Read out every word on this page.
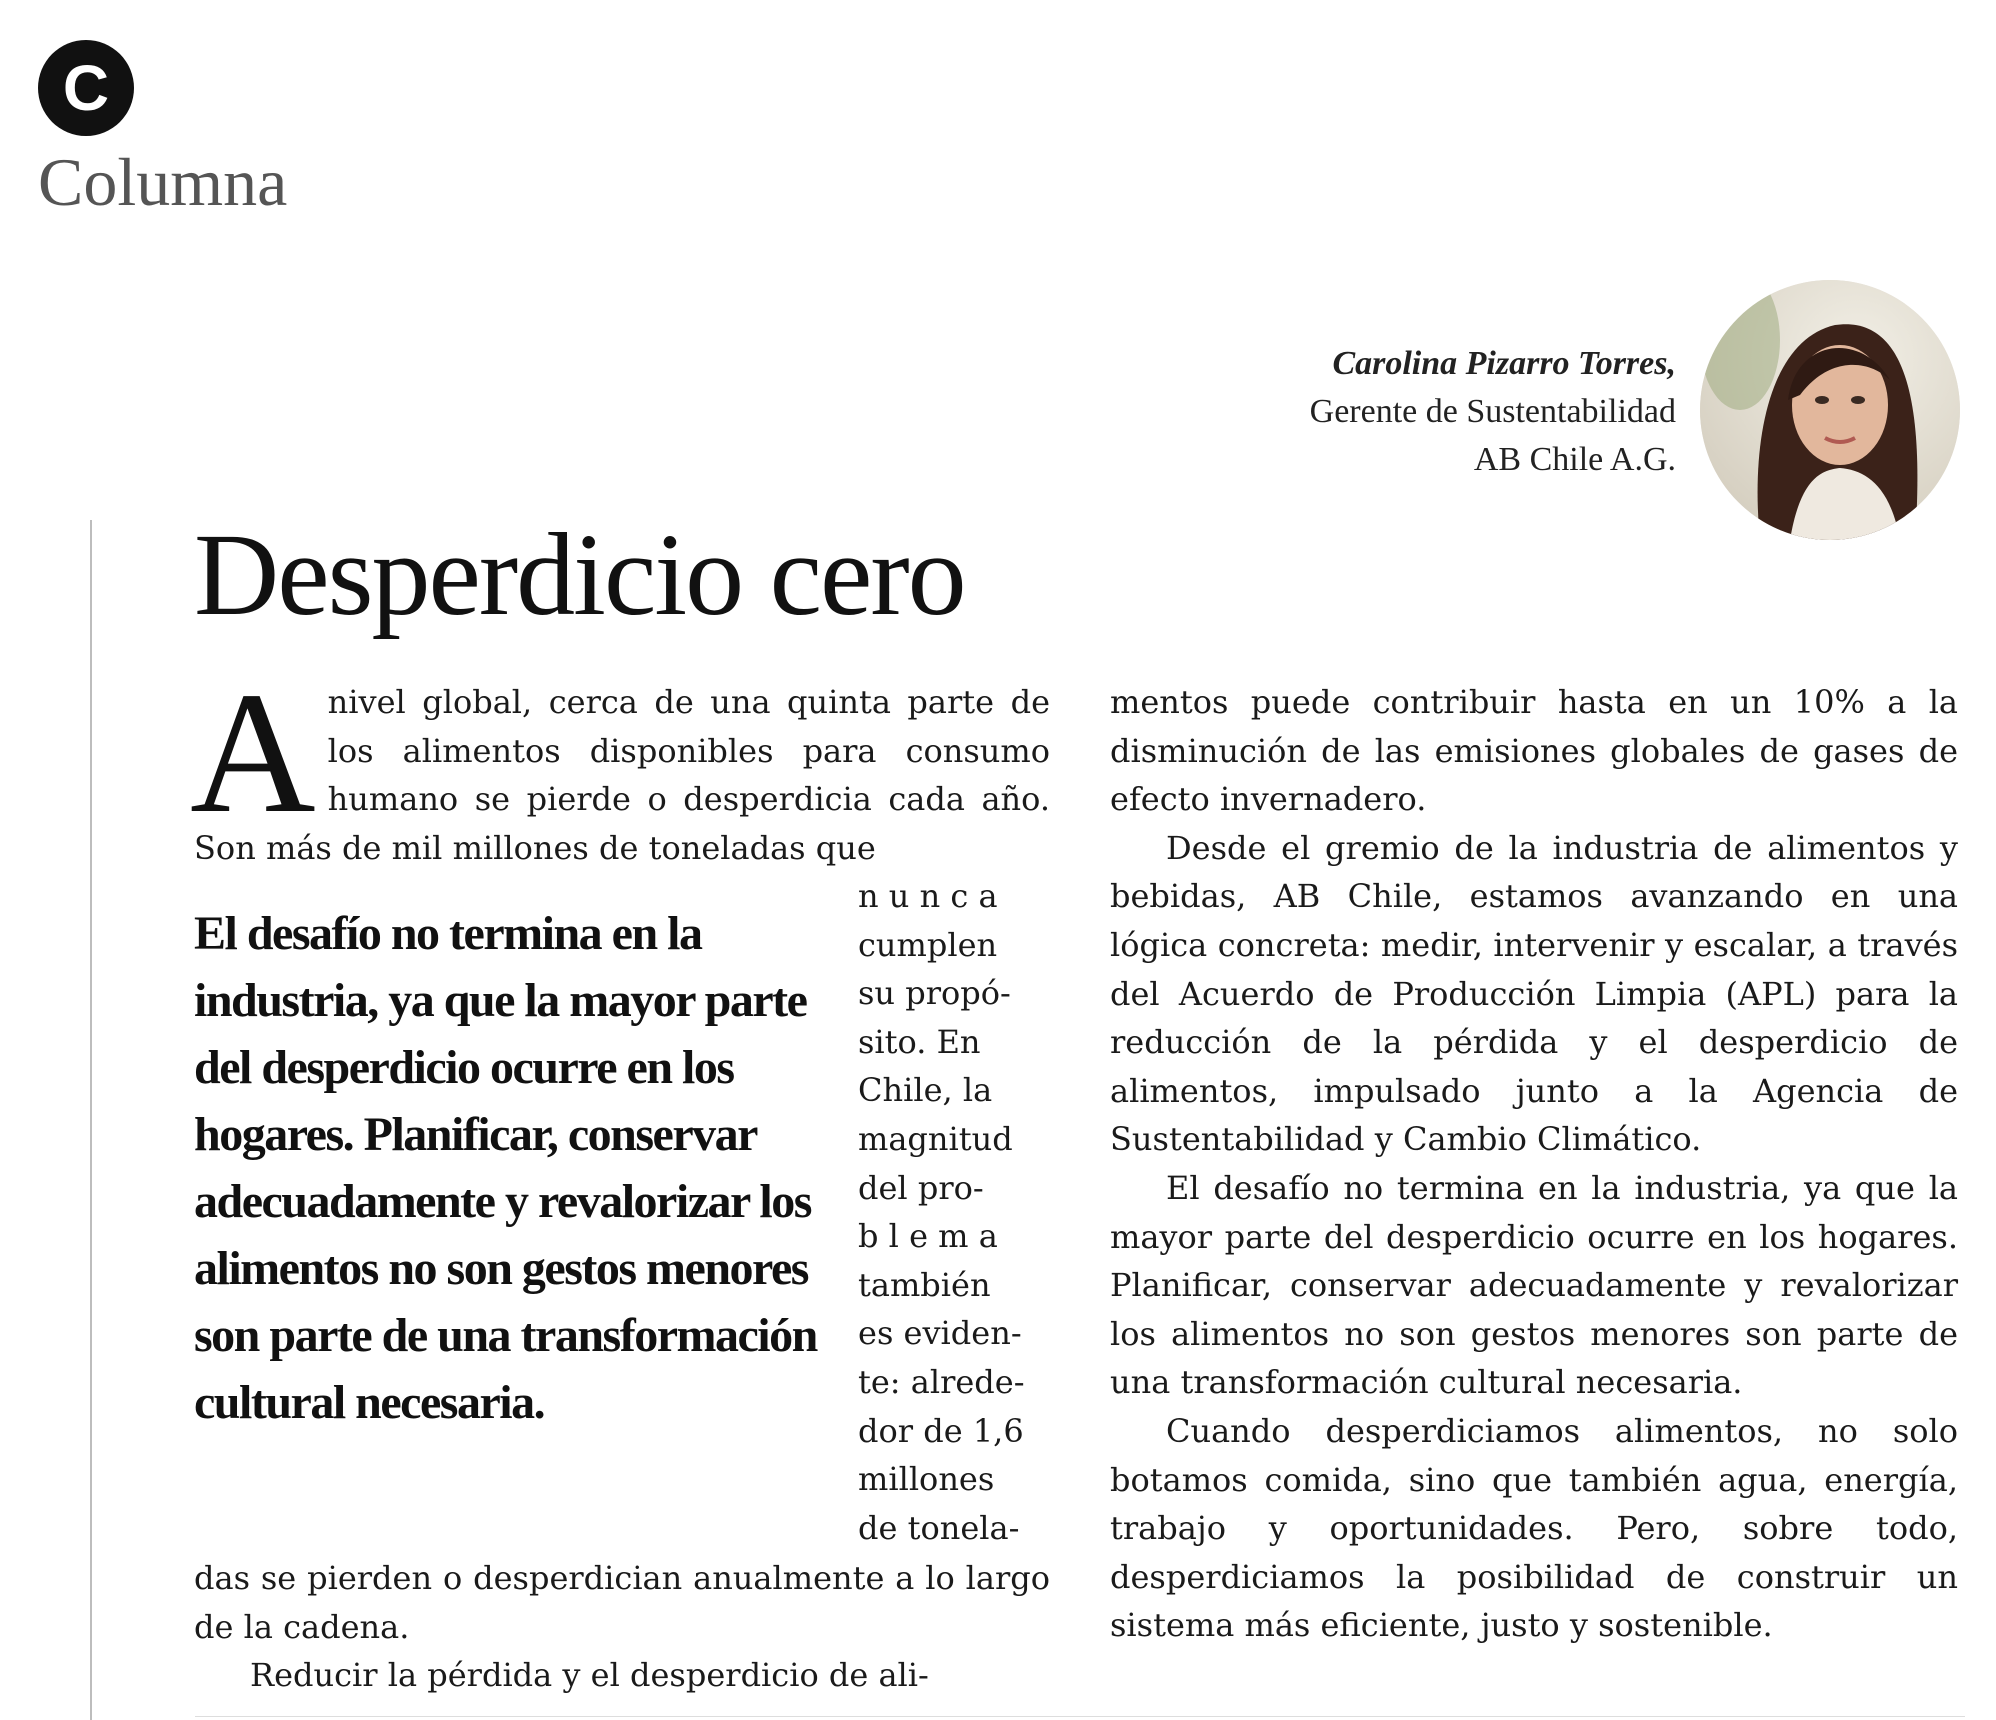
C
Columna
Carolina Pizarro Torres,
Gerente de Sustentabilidad
AB Chile A.G.
Desperdicio cero
A nivel global, cerca de una quinta parte de los alimentos disponibles para consumo humano se pierde o desperdicia cada año. Son más de mil millones de toneladas que
El desafío no termina en la industria, ya que la mayor parte del desperdicio ocurre en los hogares. Planificar, conservar adecuadamente y revalorizar los alimentos no son gestos menores son parte de una transformación cultural necesaria.
n u n c a
cumplen
su propó-
sito. En
Chile, la
magnitud
del pro-
b l e m a
también
es eviden-
te: alrede-
dor de 1,6
millones
de tonela-

das se pierden o desperdician anualmente a lo largo de la cadena.

Reducir la pérdida y el desperdicio de ali-

mentos puede contribuir hasta en un 10% a la disminución de las emisiones globales de gases de efecto invernadero.

Desde el gremio de la industria de alimentos y bebidas, AB Chile, estamos avanzando en una lógica concreta: medir, intervenir y escalar, a través del Acuerdo de Producción Limpia (APL) para la reducción de la pérdida y el desperdicio de alimentos, impulsado junto a la Agencia de Sustentabilidad y Cambio Climático.

El desafío no termina en la industria, ya que la mayor parte del desperdicio ocurre en los hogares. Planificar, conservar adecuadamente y revalorizar los alimentos no son gestos menores son parte de una transformación cultural necesaria.

Cuando desperdiciamos alimentos, no solo botamos comida, sino que también agua, energía, trabajo y oportunidades. Pero, sobre todo, desperdiciamos la posibilidad de construir un sistema más eficiente, justo y sostenible.
